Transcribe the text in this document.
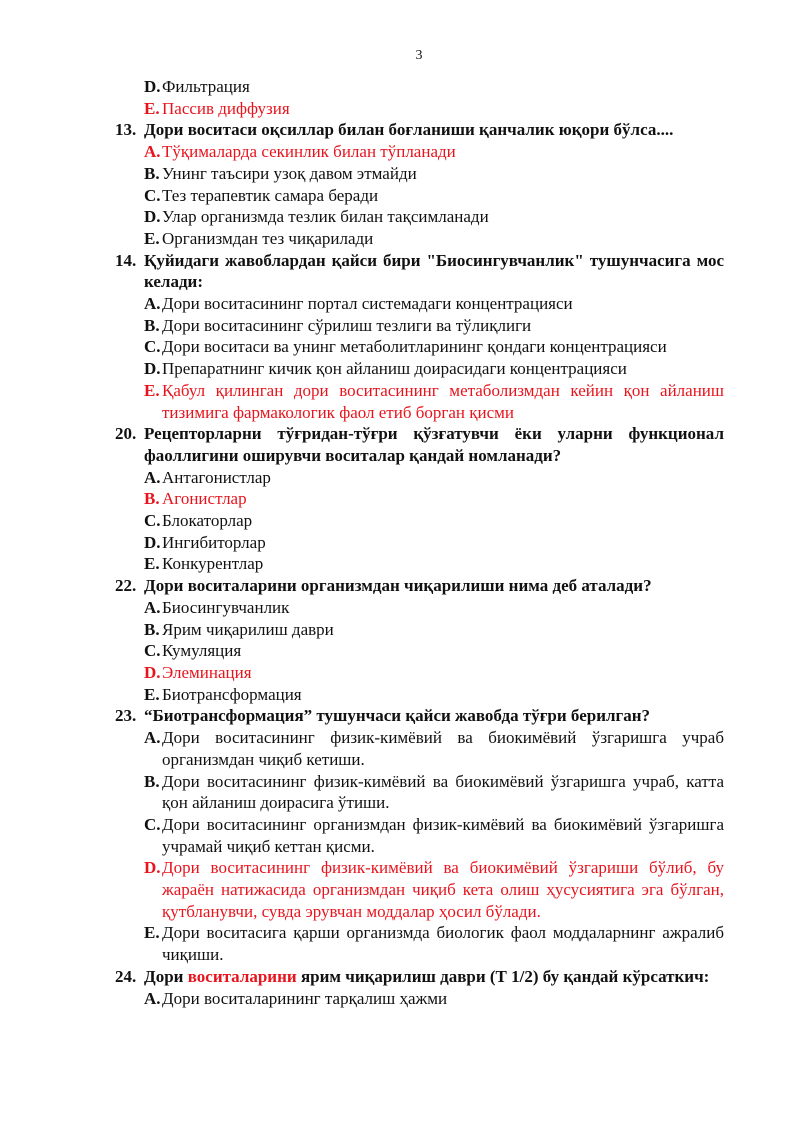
3
D. Фильтрация
E. Пассив диффузия
13. Дори воситаси оқсиллар билан боғланиши қанчалик юқори бўлса....
A. Тўқималарда секинлик билан тўпланади
B. Унинг таъсири узоқ давом этмайди
C. Тез терапевтик самара беради
D. Улар организмда тезлик билан тақсимланади
E. Организмдан тез чиқарилади
14. Қуйидаги жавоблардан қайси бири "Биосингувчанлик" тушунчасига мос келади:
A. Дори воситасининг портал системадаги концентрацияси
B. Дори воситасининг сўрилиш тезлиги ва тўлиқлиги
C. Дори воситаси ва унинг метаболитларининг қондаги концентрацияси
D. Препаратнинг кичик қон айланиш доирасидаги концентрацияси
E. Қабул қилинган дори воситасининг метаболизмдан кейин қон айланиш тизимига фармакологик фаол етиб борган қисми
20. Рецепторларни тўғридан-тўғри қўзғатувчи ёки уларни функционал фаоллигини оширувчи воситалар қандай номланади?
A. Антагонистлар
B. Агонистлар
C. Блокаторлар
D. Ингибиторлар
E. Конкурентлар
22. Дори воситаларини организмдан чиқарилиши нима деб аталади?
A. Биосингувчанлик
B. Ярим чиқарилиш даври
C. Кумуляция
D. Элеминация
E. Биотрансформация
23. “Биотрансформация” тушунчаси қайси жавобда тўғри берилган?
A. Дори воситасининг физик-кимёвий ва биокимёвий ўзгаришга учраб организмдан чиқиб кетиши.
B. Дори воситасининг физик-кимёвий ва биокимёвий ўзгаришга учраб, катта қон айланиш доирасига ўтиши.
C. Дори воситасининг организмдан физик-кимёвий ва биокимёвий ўзгаришга учрамай чиқиб кеттан қисми.
D. Дори воситасининг физик-кимёвий ва биокимёвий ўзгариши бўлиб, бу жараён натижасида организмдан чиқиб кета олиш ҳусусиятига эга бўлган, қутбланувчи, сувда эрувчан моддалар ҳосил бўлади.
E. Дори воситасига қарши организмда биологик фаол моддаларнинг ажралиб чиқиши.
24. Дори воситаларини ярим чиқарилиш даври (Т 1/2) бу қандай кўрсаткич:
A. Дори воситаларининг тарқалиш ҳажми
